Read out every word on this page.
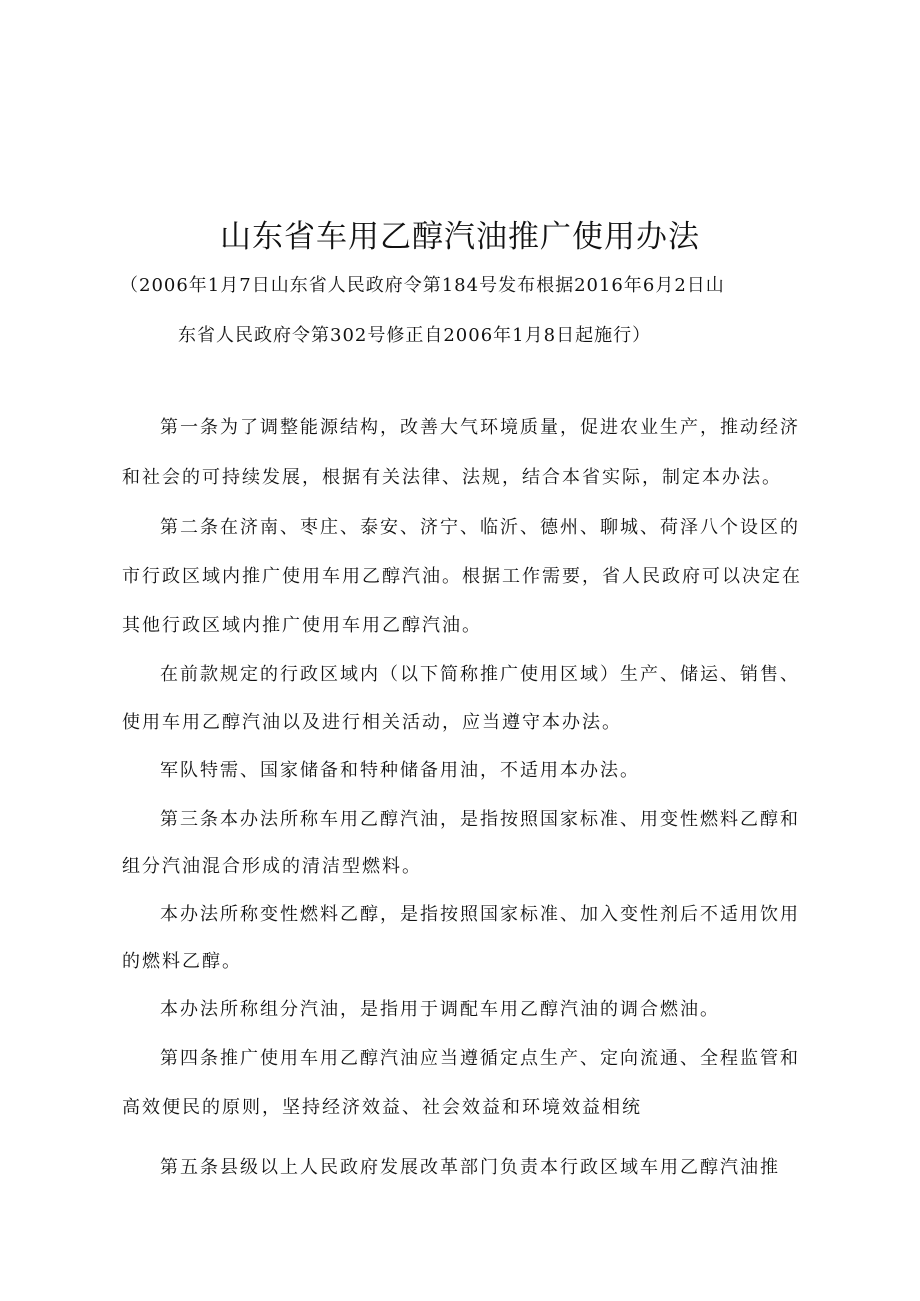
山东省车用乙醇汽油推广使用办法
（2006年1月7日山东省人民政府令第184号发布根据2016年6月2日山
东省人民政府令第302号修正自2006年1月8日起施行）
第一条为了调整能源结构，改善大气环境质量，促进农业生产，推动经济
和社会的可持续发展，根据有关法律、法规，结合本省实际，制定本办法。
第二条在济南、枣庄、泰安、济宁、临沂、德州、聊城、荷泽八个设区的
市行政区域内推广使用车用乙醇汽油。根据工作需要，省人民政府可以决定在
其他行政区域内推广使用车用乙醇汽油。
在前款规定的行政区域内（以下简称推广使用区域）生产、储运、销售、
使用车用乙醇汽油以及进行相关活动，应当遵守本办法。
军队特需、国家储备和特种储备用油，不适用本办法。
第三条本办法所称车用乙醇汽油，是指按照国家标准、用变性燃料乙醇和
组分汽油混合形成的清洁型燃料。
本办法所称变性燃料乙醇，是指按照国家标准、加入变性剂后不适用饮用
的燃料乙醇。
本办法所称组分汽油，是指用于调配车用乙醇汽油的调合燃油。
第四条推广使用车用乙醇汽油应当遵循定点生产、定向流通、全程监管和
高效便民的原则，坚持经济效益、社会效益和环境效益相统
第五条县级以上人民政府发展改革部门负责本行政区域车用乙醇汽油推
